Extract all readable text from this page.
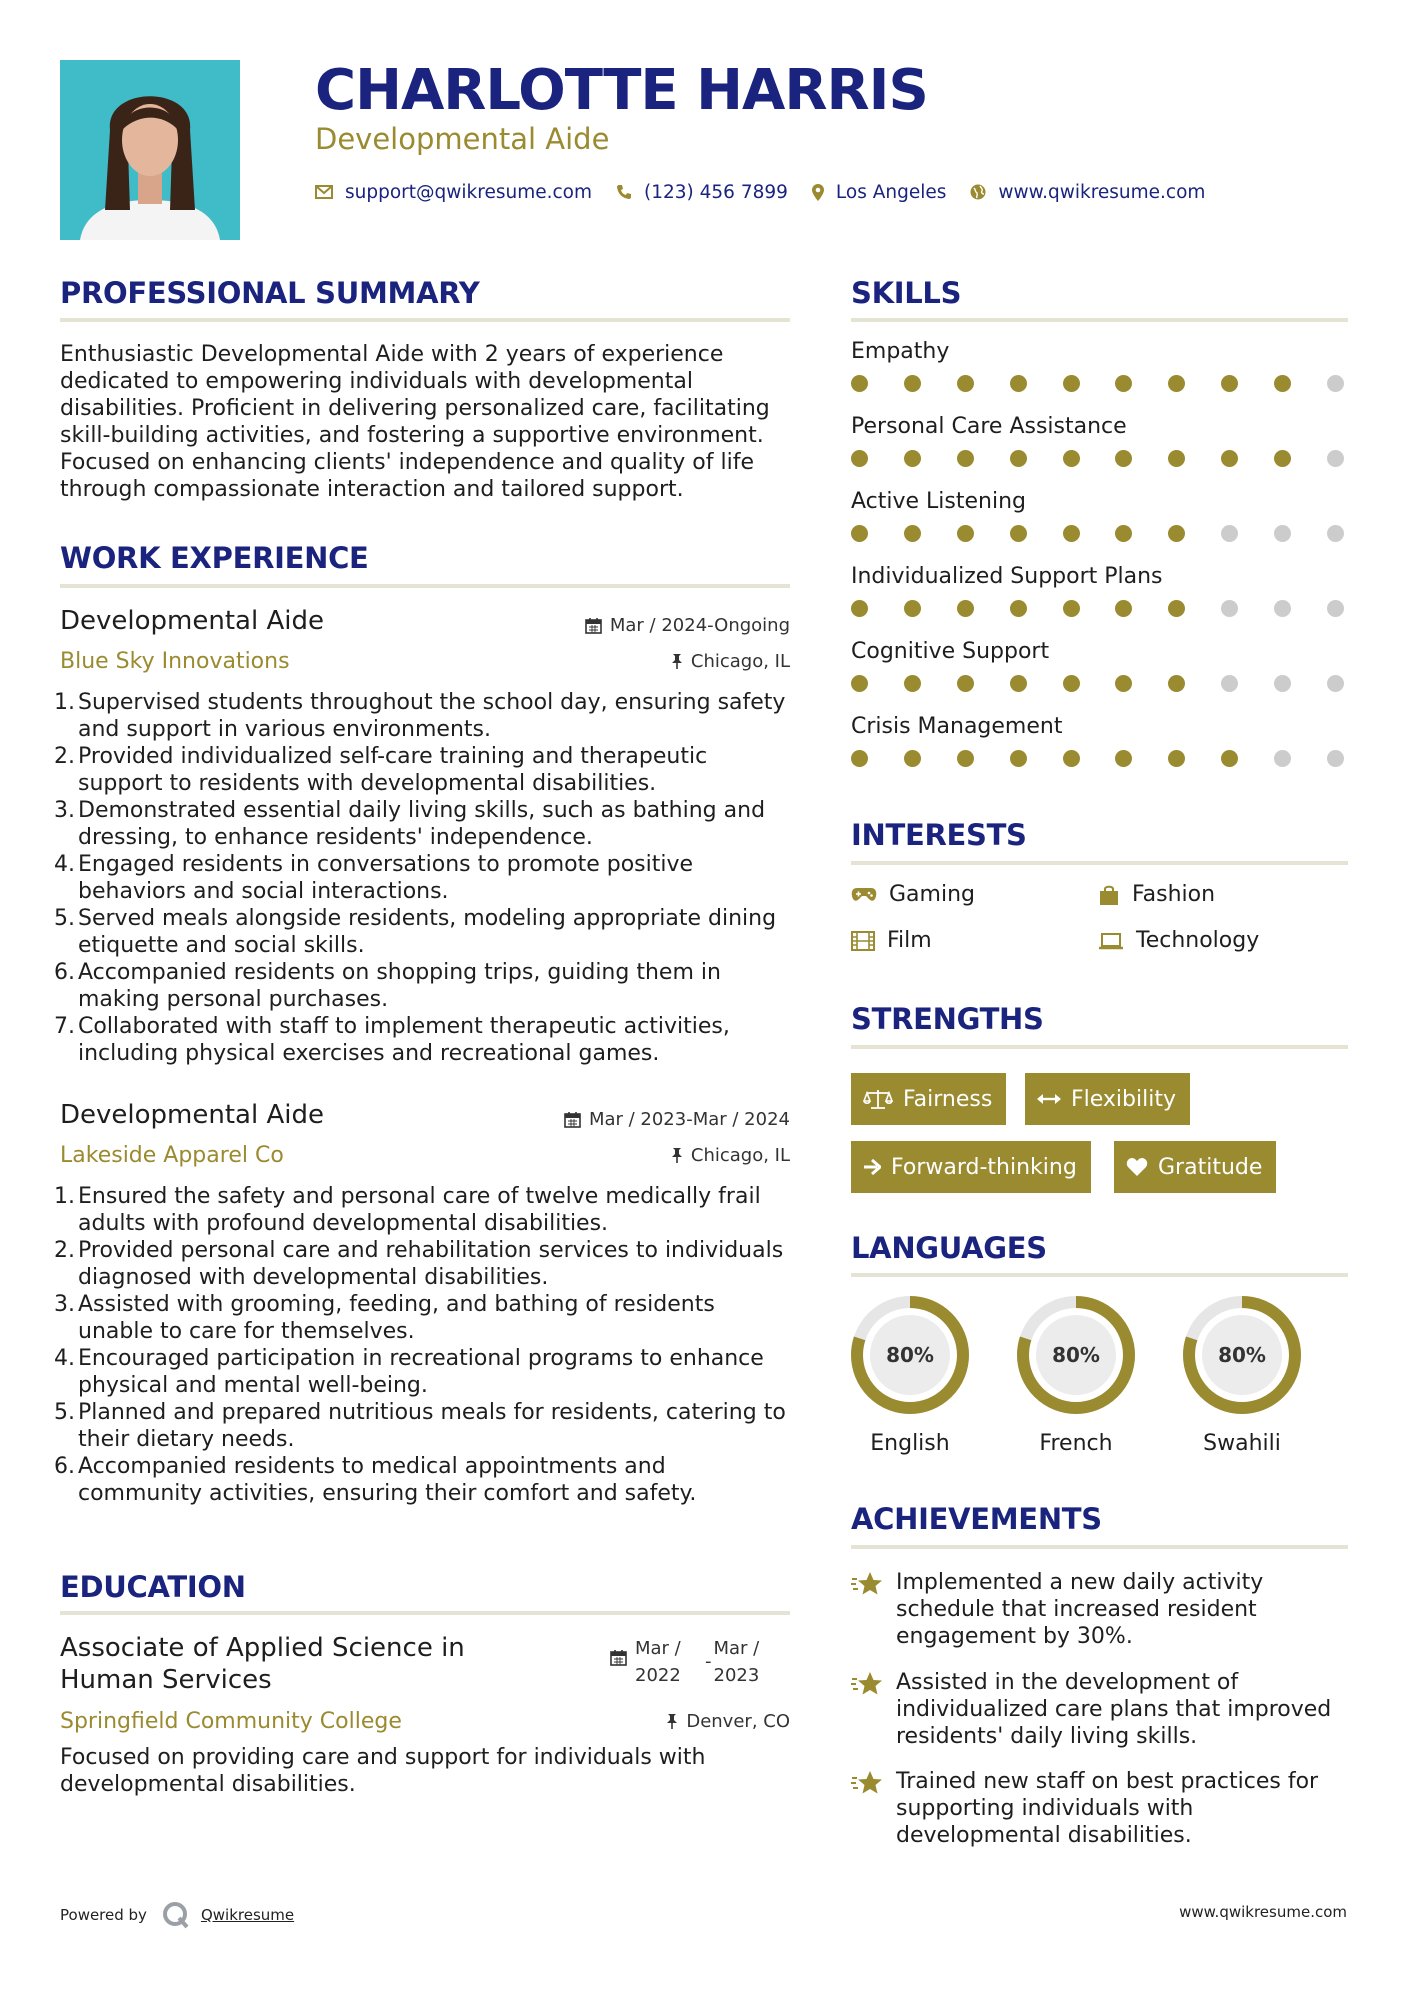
CHARLOTTE HARRIS
Developmental Aide
support@qwikresume.com	(123) 456 7899	Los Angeles	www.qwikresume.com
PROFESSIONAL SUMMARY
Enthusiastic Developmental Aide with 2 years of experience dedicated to empowering individuals with developmental disabilities. Proficient in delivering personalized care, facilitating skill-building activities, and fostering a supportive environment. Focused on enhancing clients' independence and quality of life through compassionate interaction and tailored support.
WORK EXPERIENCE
Developmental Aide	Mar / 2024-Ongoing
Blue Sky Innovations	Chicago, IL
1. Supervised students throughout the school day, ensuring safety and support in various environments.
2. Provided individualized self-care training and therapeutic support to residents with developmental disabilities.
3. Demonstrated essential daily living skills, such as bathing and dressing, to enhance residents' independence.
4. Engaged residents in conversations to promote positive behaviors and social interactions.
5. Served meals alongside residents, modeling appropriate dining etiquette and social skills.
6. Accompanied residents on shopping trips, guiding them in making personal purchases.
7. Collaborated with staff to implement therapeutic activities, including physical exercises and recreational games.
Developmental Aide	Mar / 2023-Mar / 2024
Lakeside Apparel Co	Chicago, IL
1. Ensured the safety and personal care of twelve medically frail adults with profound developmental disabilities.
2. Provided personal care and rehabilitation services to individuals diagnosed with developmental disabilities.
3. Assisted with grooming, feeding, and bathing of residents unable to care for themselves.
4. Encouraged participation in recreational programs to enhance physical and mental well-being.
5. Planned and prepared nutritious meals for residents, catering to their dietary needs.
6. Accompanied residents to medical appointments and community activities, ensuring their comfort and safety.
EDUCATION
Associate of Applied Science in Human Services
Mar / 2022
-
Mar / 2023
Springfield Community College	Denver, CO
Focused on providing care and support for individuals with developmental disabilities.
SKILLS
Empathy
Personal Care Assistance
Active Listening
Individualized Support Plans
Cognitive Support
Crisis Management
INTERESTS
Gaming	Fashion
Film	Technology
STRENGTHS
Fairness	Flexibility
Forward-thinking	Gratitude
LANGUAGES
80%
English
80%
French
80%
Swahili
ACHIEVEMENTS
Implemented a new daily activity schedule that increased resident engagement by 30%.
Assisted in the development of individualized care plans that improved residents' daily living skills.
Trained new staff on best practices for supporting individuals with developmental disabilities.
Powered by	Qwikresume	www.qwikresume.com
